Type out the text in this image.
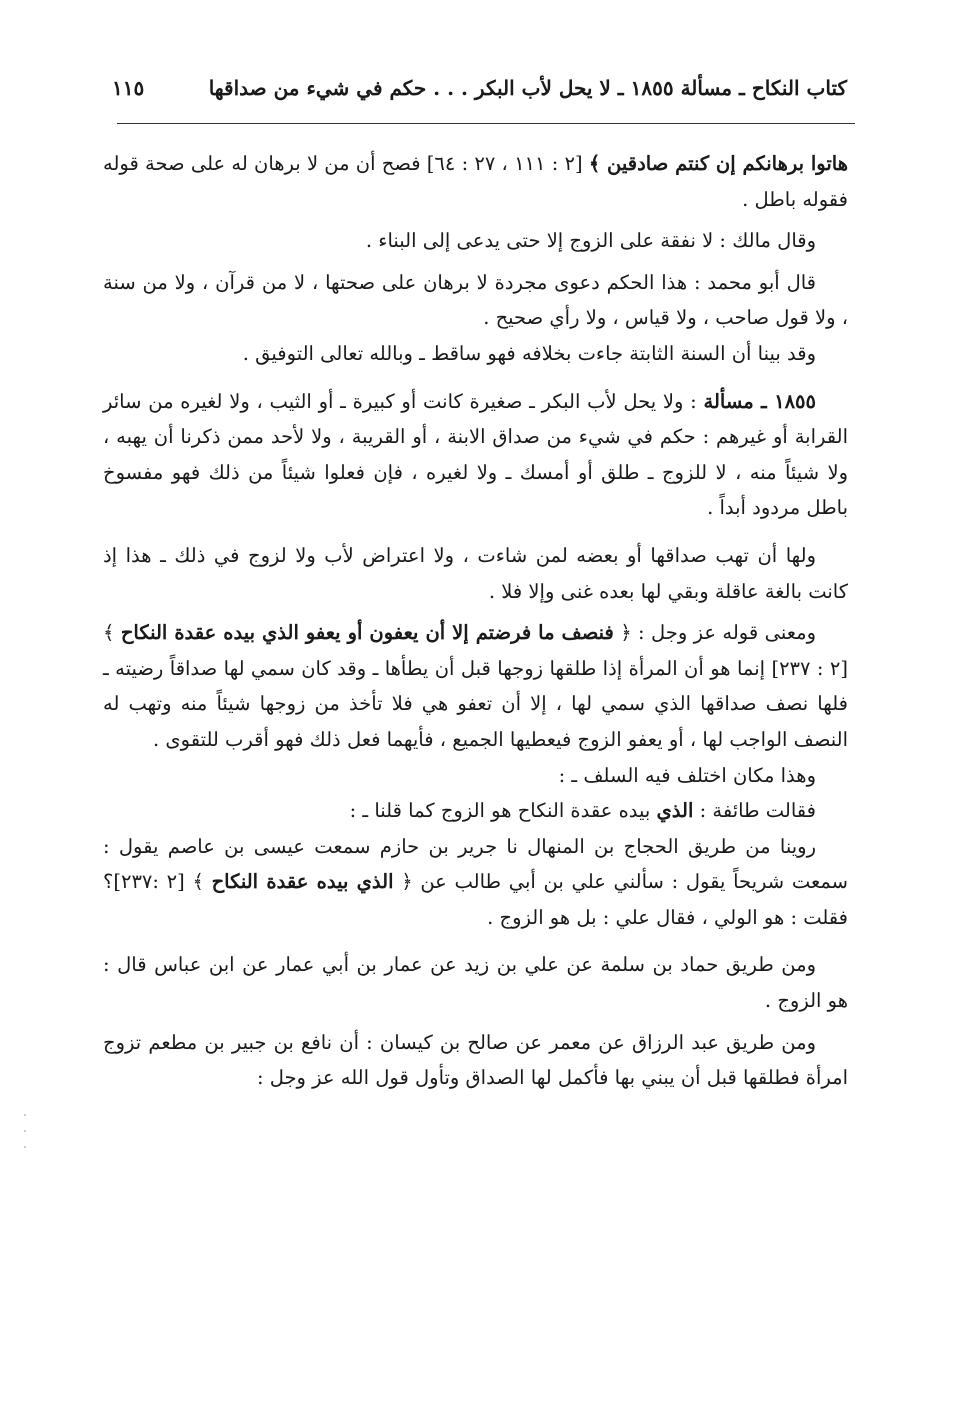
كتاب النكاح ـ مسألة ١٨٥٥ ـ لا يحل لأب البكر . . . حكم في شيء من صداقها
١١٥

هاتوا برهانكم إن كنتم صادقين ﴾ [٢ : ١١١ ، ٢٧ : ٦٤] فصح أن من لا برهان له على صحة قوله فقوله باطل .

وقال مالك : لا نفقة على الزوج إلا حتى يدعى إلى البناء .

قال أبو محمد : هذا الحكم دعوى مجردة لا برهان على صحتها ، لا من قرآن ، ولا من سنة ، ولا قول صاحب ، ولا قياس ، ولا رأي صحيح .

وقد بينا أن السنة الثابتة جاءت بخلافه فهو ساقط ـ وبالله تعالى التوفيق .

١٨٥٥ ـ مسألة : ولا يحل لأب البكر ـ صغيرة كانت أو كبيرة ـ أو الثيب ، ولا لغيره من سائر القرابة أو غيرهم : حكم في شيء من صداق الابنة ، أو القريبة ، ولا لأحد ممن ذكرنا أن يهبه ، ولا شيئاً منه ، لا للزوج ـ طلق أو أمسك ـ ولا لغيره ، فإن فعلوا شيئاً من ذلك فهو مفسوخ باطل مردود أبداً .

ولها أن تهب صداقها أو بعضه لمن شاءت ، ولا اعتراض لأب ولا لزوج في ذلك ـ هذا إذ كانت بالغة عاقلة وبقي لها بعده غنى وإلا فلا .

ومعنى قوله عز وجل : ﴿ فنصف ما فرضتم إلا أن يعفون أو يعفو الذي بيده عقدة النكاح ﴾ [٢ : ٢٣٧] إنما هو أن المرأة إذا طلقها زوجها قبل أن يطأها ـ وقد كان سمي لها صداقاً رضيته ـ فلها نصف صداقها الذي سمي لها ، إلا أن تعفو هي فلا تأخذ من زوجها شيئاً منه وتهب له النصف الواجب لها ، أو يعفو الزوج فيعطيها الجميع ، فأيهما فعل ذلك فهو أقرب للتقوى .

وهذا مكان اختلف فيه السلف ـ :

فقالت طائفة : الذي بيده عقدة النكاح هو الزوج كما قلنا ـ :

روينا من طريق الحجاج بن المنهال نا جرير بن حازم سمعت عيسى بن عاصم يقول : سمعت شريحاً يقول : سألني علي بن أبي طالب عن ﴿ الذي بيده عقدة النكاح ﴾ [٢ :٢٣٧]؟ فقلت : هو الولي ، فقال علي : بل هو الزوج .

ومن طريق حماد بن سلمة عن علي بن زيد عن عمار بن أبي عمار عن ابن عباس قال : هو الزوج .

ومن طريق عبد الرزاق عن معمر عن صالح بن كيسان : أن نافع بن جبير بن مطعم تزوج امرأة فطلقها قبل أن يبني بها فأكمل لها الصداق وتأول قول الله عز وجل :
